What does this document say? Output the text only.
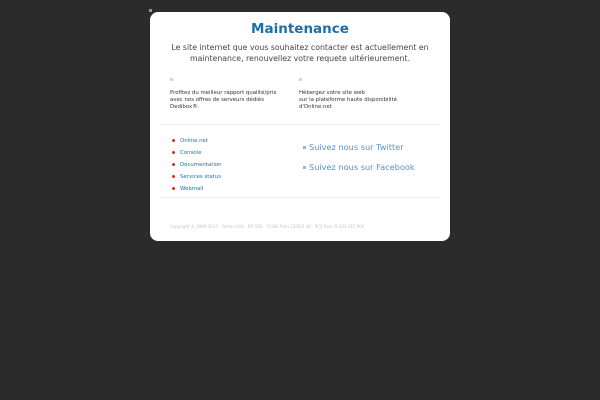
Maintenance

Le site internet que vous souhaitez contacter est actuellement en maintenance, renouvellez votre requete ultérieurement.

Profitez du meilleur rapport qualité/prix
avec nos offres de serveurs dédiés
Dedibox®.
Hébergez votre site web
sur la plateforme haute disponibilité
d'Online.net
Online.net
Console
Documentation
Services status
Webmail
Suivez nous sur Twitter
Suivez nous sur Facebook
Copyright © 1999-2014 - Online SAS - BP 438 - 75366 Paris CEDEX 08 - RCS Paris B 433 115 904
